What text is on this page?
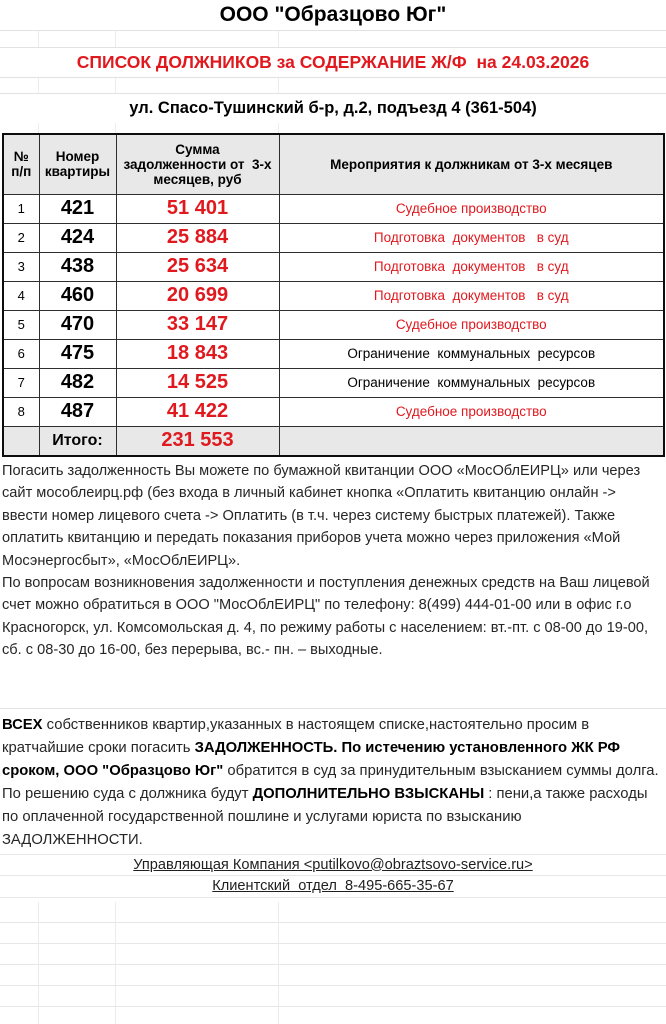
ООО "Образцово Юг"
СПИСОК ДОЛЖНИКОВ за СОДЕРЖАНИЕ Ж/Ф  на 24.03.2026
ул. Спасо-Тушинский б-р, д.2, подъезд 4 (361-504)
№ п/п	Номер квартиры	Сумма  задолженности от  3-х месяцев, руб	Мероприятия к должникам от 3-х месяцев
1	421	51 401	Судебное производство
2	424	25 884	Подготовка  документов   в суд
3	438	25 634	Подготовка  документов   в суд
4	460	20 699	Подготовка  документов   в суд
5	470	33 147	Судебное производство
6	475	18 843	Ограничение  коммунальных  ресурсов
7	482	14 525	Ограничение  коммунальных  ресурсов
8	487	41 422	Судебное производство
	Итого:	231 553	
Погасить задолженность Вы можете по бумажной квитанции ООО «МосОблЕИРЦ» или через сайт мособлеирц.рф (без входа в личный кабинет кнопка «Оплатить квитанцию онлайн -> ввести номер лицевого счета -> Оплатить (в т.ч. через систему быстрых платежей). Также оплатить квитанцию и передать показания приборов учета можно через приложения «Мой Мосэнергосбыт», «МосОблЕИРЦ».
По вопросам возникновения задолженности и поступления денежных средств на Ваш лицевой счет можно обратиться в ООО "МосОблЕИРЦ" по телефону: 8(499) 444-01-00 или в офис г.о Красногорск, ул. Комсомольская д. 4, по режиму работы с населением: вт.-пт. с 08-00 до 19-00, сб. с 08-30 до 16-00, без перерыва, вс.- пн. – выходные.
ВСЕХ собственников квартир,указанных в настоящем списке,настоятельно просим в кратчайшие сроки погасить ЗАДОЛЖЕННОСТЬ. По истечению установленного ЖК РФ сроком, ООО "Образцово Юг" обратится в суд за принудительным взысканием суммы долга. По решению суда с должника будут ДОПОЛНИТЕЛЬНО ВЗЫСКАНЫ : пени,а также расходы по оплаченной государственной пошлине и услугами юриста по взысканию ЗАДОЛЖЕННОСТИ.
Управляющая Компания <putilkovo@obraztsovo-service.ru>
Клиентский  отдел  8-495-665-35-67
